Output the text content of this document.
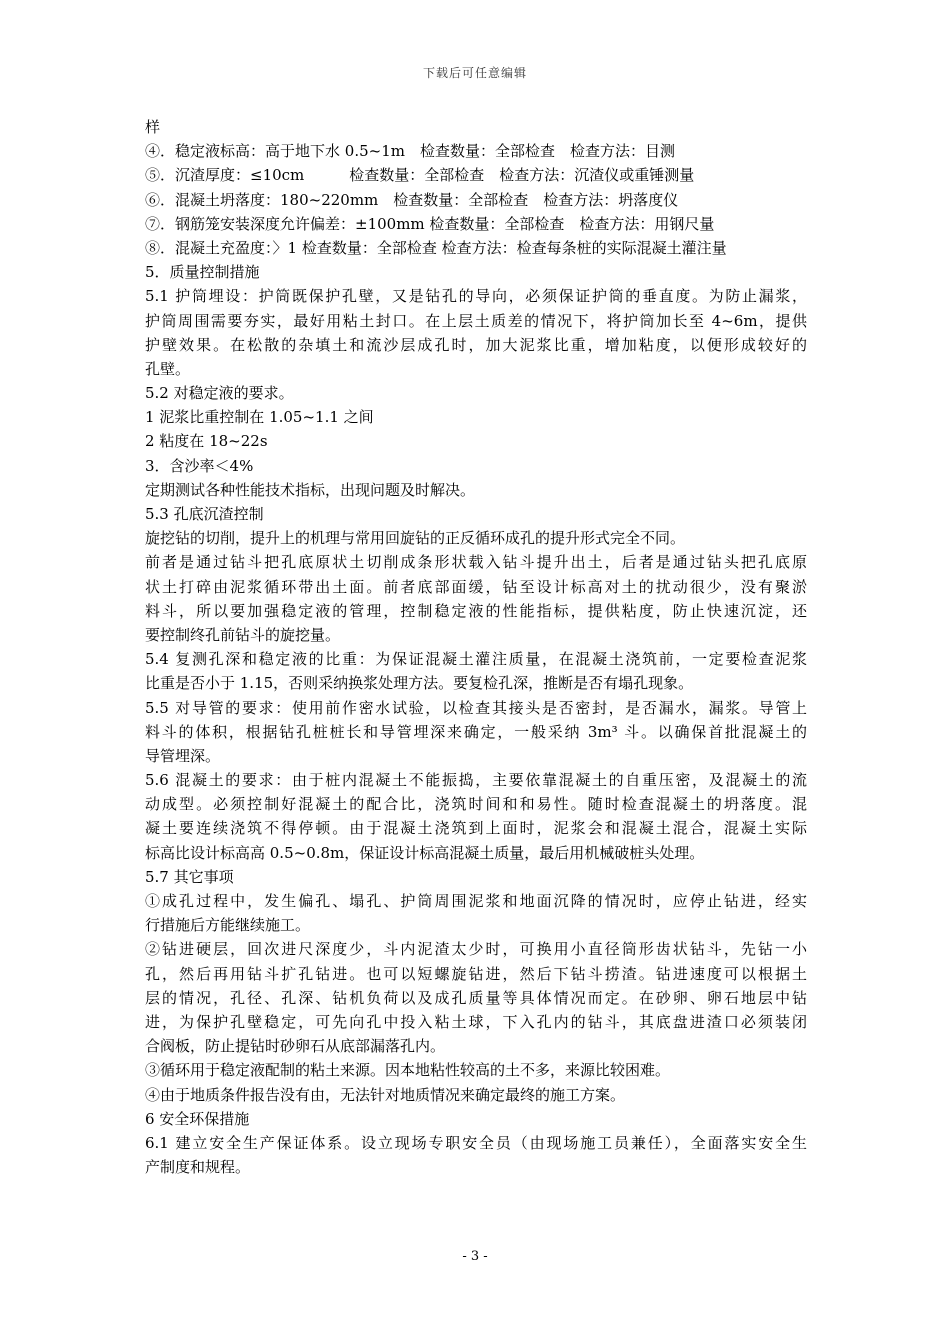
下载后可任意编辑
样
④．稳定液标高：高于地下水 0.5~1m　检查数量：全部检查　检查方法：目测
⑤．沉渣厚度：≤10cm　　　检查数量：全部检查　检查方法：沉渣仪或重锤测量
⑥．混凝土坍落度：180~220mm　检查数量：全部检查　检查方法：坍落度仪
⑦．钢筋笼安装深度允许偏差：±100mm 检查数量：全部检查　检查方法：用钢尺量
⑧．混凝土充盈度：〉1 检查数量：全部检查 检查方法：检查每条桩的实际混凝土灌注量
5．质量控制措施
5.1 护筒埋设：护筒既保护孔壁，又是钻孔的导向，必须保证护筒的垂直度。为防止漏浆，
护筒周围需要夯实，最好用粘土封口。在上层土质差的情况下，将护筒加长至 4~6m，提供
护壁效果。在松散的杂填土和流沙层成孔时，加大泥浆比重，增加粘度，以便形成较好的
孔壁。
5.2 对稳定液的要求。
1 泥浆比重控制在 1.05~1.1 之间
2 粘度在 18~22s
3．含沙率＜4%
定期测试各种性能技术指标，出现问题及时解决。
5.3 孔底沉渣控制
旋挖钻的切削，提升上的机理与常用回旋钻的正反循环成孔的提升形式完全不同。
前者是通过钻斗把孔底原状土切削成条形状载入钻斗提升出土，后者是通过钻头把孔底原
状土打碎由泥浆循环带出土面。前者底部面缓，钻至设计标高对土的扰动很少，没有聚淤
料斗，所以要加强稳定液的管理，控制稳定液的性能指标，提供粘度，防止快速沉淀，还
要控制终孔前钻斗的旋挖量。
5.4 复测孔深和稳定液的比重：为保证混凝土灌注质量，在混凝土浇筑前，一定要检查泥浆
比重是否小于 1.15，否则采纳换浆处理方法。要复检孔深，推断是否有塌孔现象。
5.5 对导管的要求：使用前作密水试验，以检查其接头是否密封，是否漏水，漏浆。导管上
料斗的体积，根据钻孔桩桩长和导管埋深来确定，一般采纳 3m³ 斗。以确保首批混凝土的
导管埋深。
5.6 混凝土的要求：由于桩内混凝土不能振捣，主要依靠混凝土的自重压密，及混凝土的流
动成型。必须控制好混凝土的配合比，浇筑时间和和易性。随时检查混凝土的坍落度。混
凝土要连续浇筑不得停顿。由于混凝土浇筑到上面时，泥浆会和混凝土混合，混凝土实际
标高比设计标高高 0.5~0.8m，保证设计标高混凝土质量，最后用机械破桩头处理。
5.7 其它事项
①成孔过程中，发生偏孔、塌孔、护筒周围泥浆和地面沉降的情况时，应停止钻进，经实
行措施后方能继续施工。
②钻进硬层，回次进尺深度少，斗内泥渣太少时，可换用小直径筒形齿状钻斗，先钻一小
孔，然后再用钻斗扩孔钻进。也可以短螺旋钻进，然后下钻斗捞渣。钻进速度可以根据土
层的情况，孔径、孔深、钻机负荷以及成孔质量等具体情况而定。在砂卵、卵石地层中钻
进，为保护孔壁稳定，可先向孔中投入粘土球，下入孔内的钻斗，其底盘进渣口必须装闭
合阀板，防止提钻时砂卵石从底部漏落孔内。
③循环用于稳定液配制的粘土来源。因本地粘性较高的土不多，来源比较困难。
④由于地质条件报告没有由，无法针对地质情况来确定最终的施工方案。
6 安全环保措施
6.1 建立安全生产保证体系。设立现场专职安全员（由现场施工员兼任），全面落实安全生
产制度和规程。
- 3 -
